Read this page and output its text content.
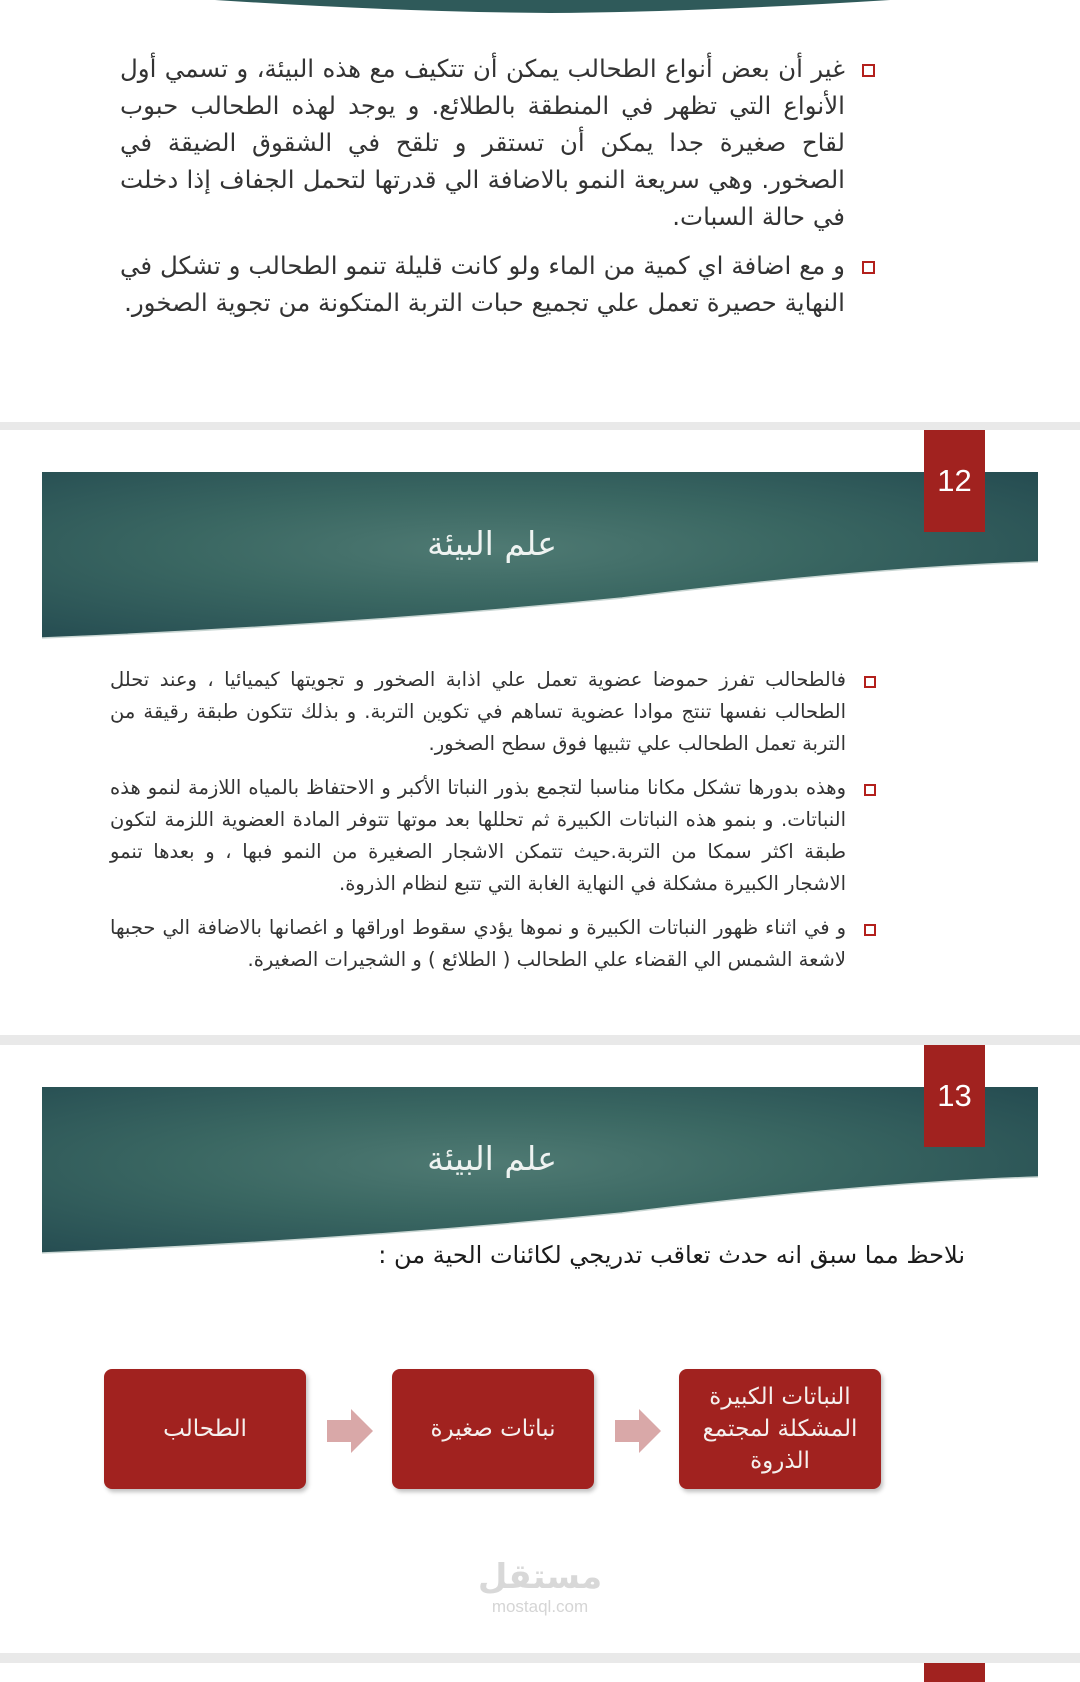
غير أن بعض أنواع الطحالب يمكن أن تتكيف مع هذه البيئة، و تسمي أول الأنواع التي تظهر في المنطقة بالطلائع. و يوجد لهذه الطحالب حبوب لقاح صغيرة جدا يمكن أن تستقر و تلقح في الشقوق الضيقة في الصخور. وهي سريعة النمو بالاضافة الي قدرتها لتحمل الجفاف إذا دخلت في حالة السبات.
و مع اضافة اي كمية من الماء ولو كانت قليلة تنمو الطحالب و تشكل في النهاية حصيرة تعمل علي تجميع حبات التربة المتكونة من تجوية الصخور.
علم البيئة
12
فالطحالب تفرز حموضا عضوية تعمل علي اذابة الصخور و تجويتها كيميائيا ، وعند تحلل الطحالب نفسها تنتج موادا عضوية تساهم في تكوين التربة. و بذلك تتكون طبقة رقيقة من التربة تعمل الطحالب علي تثبيها فوق سطح الصخور.
وهذه بدورها تشكل مكانا مناسبا لتجمع بذور النباتا الأكبر و الاحتفاظ بالمياه اللازمة لنمو هذه النباتات. و بنمو هذه النباتات الكبيرة ثم تحللها بعد موتها تتوفر المادة العضوية اللزمة لتكون طبقة اكثر سمكا من التربة.حيث تتمكن الاشجار الصغيرة من النمو فبها ، و بعدها تنمو الاشجار الكبيرة مشكلة في النهاية الغابة التي تتبع لنظام الذروة.
و في اثناء ظهور النباتات الكبيرة و نموها يؤدي سقوط اوراقها و اغصانها بالاضافة الي حجبها لاشعة الشمس الي القضاء علي الطحالب ( الطلائع ) و الشجيرات الصغيرة.
علم البيئة
13
نلاحظ مما سبق انه حدث تعاقب تدريجي لكائنات الحية من :
الطحالب	نباتات صغيرة
النباتات الكبيرة المشكلة لمجتمع الذروة
مستقل
mostaql.com
